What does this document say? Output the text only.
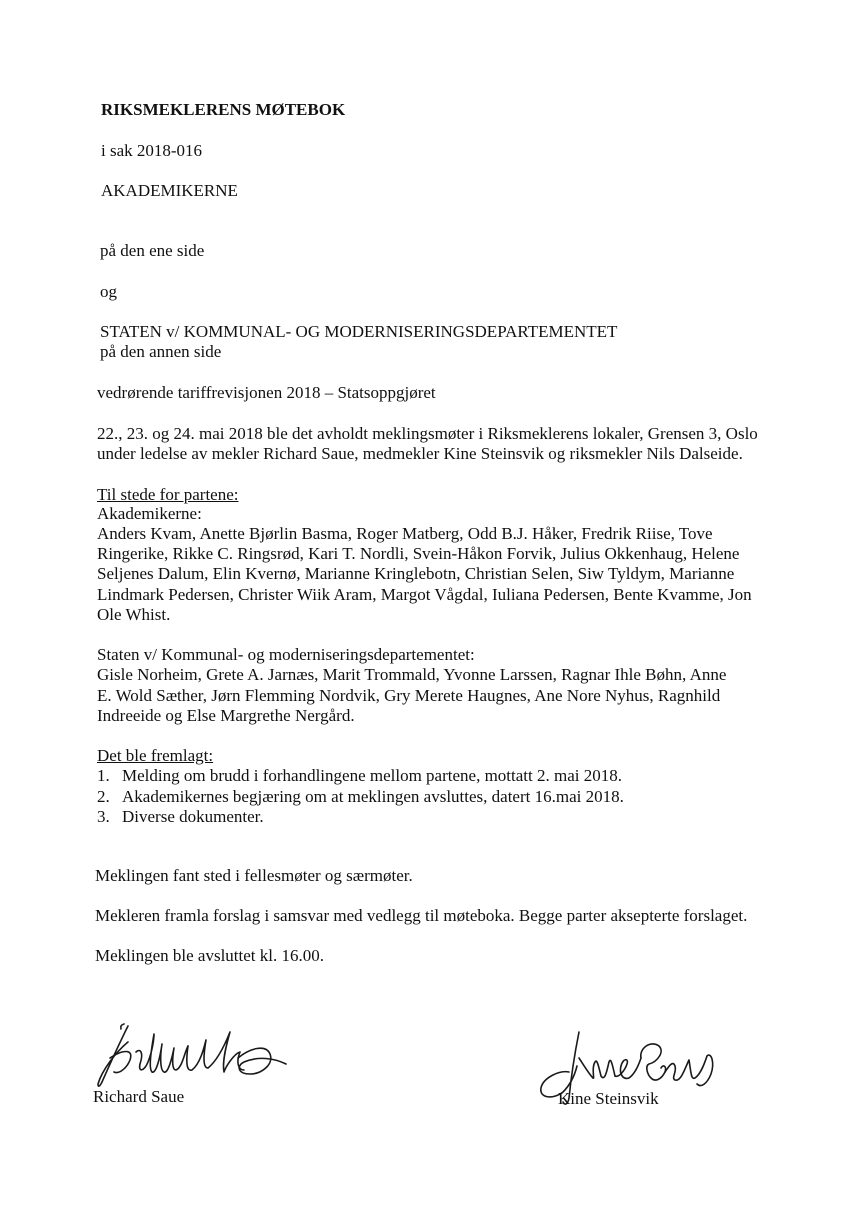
RIKSMEKLERENS MØTEBOK

i sak 2018-016

AKADEMIKERNE

på den ene side

og

STATEN v/ KOMMUNAL- OG MODERNISERINGSDEPARTEMENTET

på den annen side

vedrørende tariffrevisjonen 2018 – Statsoppgjøret

22., 23. og 24. mai 2018 ble det avholdt meklingsmøter i Riksmeklerens lokaler, Grensen 3, Oslo

under ledelse av mekler Richard Saue, medmekler Kine Steinsvik og riksmekler Nils Dalseide.

Til stede for partene:

Akademikerne:

Anders Kvam, Anette Bjørlin Basma, Roger Matberg, Odd B.J. Håker, Fredrik Riise, Tove

Ringerike, Rikke C. Ringsrød, Kari T. Nordli, Svein-Håkon Forvik, Julius Okkenhaug, Helene

Seljenes Dalum, Elin Kvernø, Marianne Kringlebotn, Christian Selen, Siw Tyldym, Marianne

Lindmark Pedersen, Christer Wiik Aram, Margot Vågdal, Iuliana Pedersen, Bente Kvamme, Jon

Ole Whist.

Staten v/ Kommunal- og moderniseringsdepartementet:

Gisle Norheim, Grete A. Jarnæs, Marit Trommald, Yvonne Larssen, Ragnar Ihle Bøhn, Anne

E. Wold Sæther, Jørn Flemming Nordvik, Gry Merete Haugnes, Ane Nore Nyhus, Ragnhild

Indreeide og Else Margrethe Nergård.

Det ble fremlagt:

1. Melding om brudd i forhandlingene mellom partene, mottatt 2. mai 2018.
2. Akademikernes begjæring om at meklingen avsluttes, datert 16.mai 2018.
3. Diverse dokumenter.

Meklingen fant sted i fellesmøter og særmøter.

Mekleren framla forslag i samsvar med vedlegg til møteboka. Begge parter aksepterte forslaget.

Meklingen ble avsluttet kl. 16.00.

Richard Saue	Kine Steinsvik
